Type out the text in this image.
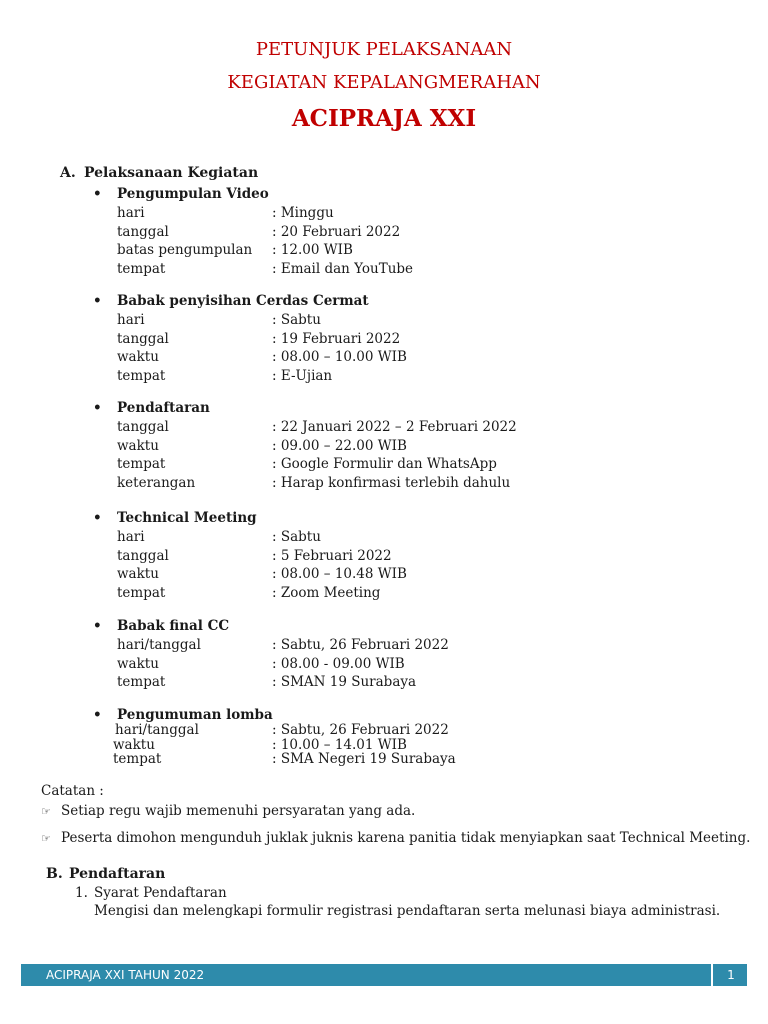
PETUNJUK PELAKSANAAN
KEGIATAN KEPALANGMERAHAN
ACIPRAJA XXI
A. Pelaksanaan Kegiatan
• Pengumpulan Video
hari	: Minggu
tanggal	: 20 Februari 2022
batas pengumpulan : 12.00 WIB
tempat	: Email dan YouTube
• Babak penyisihan Cerdas Cermat
hari	: Sabtu
tanggal	: 19 Februari 2022
waktu	: 08.00 – 10.00 WIB
tempat	: E-Ujian
• Pendaftaran
tanggal	: 22 Januari 2022 – 2 Februari 2022
waktu	: 09.00 – 22.00 WIB
tempat	: Google Formulir dan WhatsApp
keterangan	: Harap konfirmasi terlebih dahulu
• Technical Meeting
hari	: Sabtu
tanggal	: 5 Februari 2022
waktu	: 08.00 – 10.48 WIB
tempat	: Zoom Meeting
• Babak final CC
hari/tanggal	: Sabtu, 26 Februari 2022
waktu	: 08.00 - 09.00 WIB
tempat	: SMAN 19 Surabaya
• Pengumuman lomba
hari/tanggal	: Sabtu, 26 Februari 2022
waktu	: 10.00 – 14.01 WIB
tempat	: SMA Negeri 19 Surabaya
Catatan :
☞ Setiap regu wajib memenuhi persyaratan yang ada.
☞ Peserta dimohon mengunduh juklak juknis karena panitia tidak menyiapkan saat Technical Meeting.
B. Pendaftaran
1. Syarat Pendaftaran
Mengisi dan melengkapi formulir registrasi pendaftaran serta melunasi biaya administrasi.
ACIPRAJA XXI TAHUN 2022	1
